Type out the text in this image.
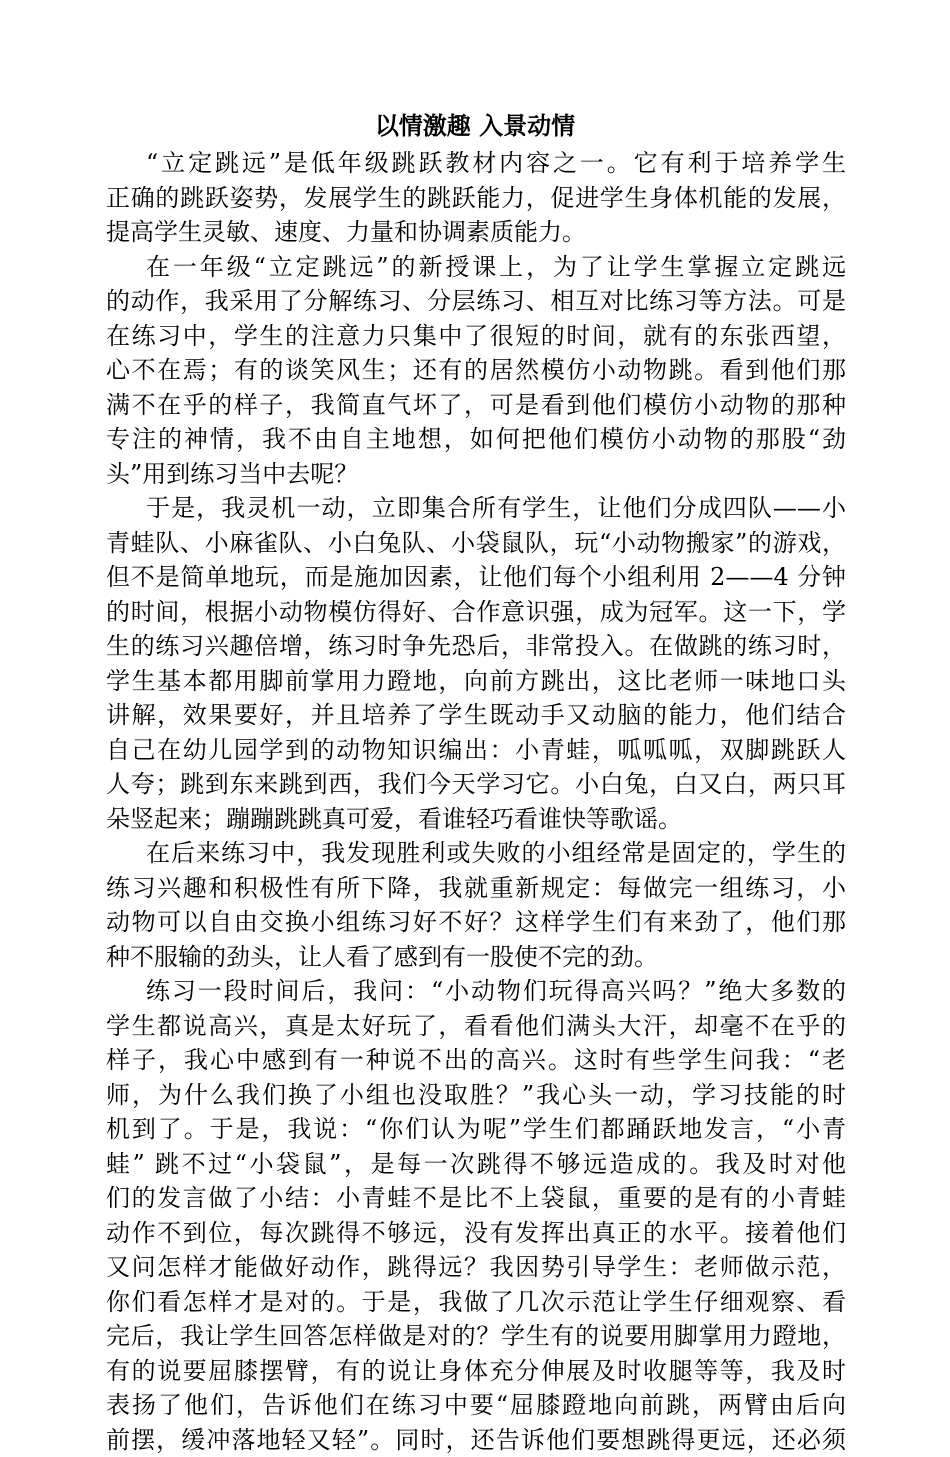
以情激趣 入景动情
“立定跳远”是低年级跳跃教材内容之一。它有利于培养学生
正确的跳跃姿势，发展学生的跳跃能力，促进学生身体机能的发展，
提高学生灵敏、速度、力量和协调素质能力。
在一年级“立定跳远”的新授课上，为了让学生掌握立定跳远
的动作，我采用了分解练习、分层练习、相互对比练习等方法。可是
在练习中，学生的注意力只集中了很短的时间，就有的东张西望，
心不在焉；有的谈笑风生；还有的居然模仿小动物跳。看到他们那
满不在乎的样子，我简直气坏了，可是看到他们模仿小动物的那种
专注的神情，我不由自主地想，如何把他们模仿小动物的那股“劲
头”用到练习当中去呢？
于是，我灵机一动，立即集合所有学生，让他们分成四队——小
青蛙队、小麻雀队、小白兔队、小袋鼠队，玩“小动物搬家”的游戏，
但不是简单地玩，而是施加因素，让他们每个小组利用 2——4 分钟
的时间，根据小动物模仿得好、合作意识强，成为冠军。这一下，学
生的练习兴趣倍增，练习时争先恐后，非常投入。在做跳的练习时，
学生基本都用脚前掌用力蹬地，向前方跳出，这比老师一味地口头
讲解，效果要好，并且培养了学生既动手又动脑的能力，他们结合
自己在幼儿园学到的动物知识编出：小青蛙，呱呱呱，双脚跳跃人
人夸；跳到东来跳到西，我们今天学习它。小白兔，白又白，两只耳
朵竖起来；蹦蹦跳跳真可爱，看谁轻巧看谁快等歌谣。
在后来练习中，我发现胜利或失败的小组经常是固定的，学生的
练习兴趣和积极性有所下降，我就重新规定：每做完一组练习，小
动物可以自由交换小组练习好不好？这样学生们有来劲了，他们那
种不服输的劲头，让人看了感到有一股使不完的劲。
练习一段时间后，我问：“小动物们玩得高兴吗？”绝大多数的
学生都说高兴，真是太好玩了，看看他们满头大汗，却毫不在乎的
样子，我心中感到有一种说不出的高兴。这时有些学生问我：“老
师，为什么我们换了小组也没取胜？”我心头一动，学习技能的时
机到了。于是，我说：“你们认为呢”学生们都踊跃地发言，“小青
蛙” 跳不过“小袋鼠”，是每一次跳得不够远造成的。我及时对他
们的发言做了小结：小青蛙不是比不上袋鼠，重要的是有的小青蛙
动作不到位，每次跳得不够远，没有发挥出真正的水平。接着他们
又问怎样才能做好动作，跳得远？我因势引导学生：老师做示范，
你们看怎样才是对的。于是，我做了几次示范让学生仔细观察、看
完后，我让学生回答怎样做是对的？学生有的说要用脚掌用力蹬地，
有的说要屈膝摆臂，有的说让身体充分伸展及时收腿等等，我及时
表扬了他们，告诉他们在练习中要“屈膝蹬地向前跳，两臂由后向
前摆，缓冲落地轻又轻”。同时，还告诉他们要想跳得更远，还必须
